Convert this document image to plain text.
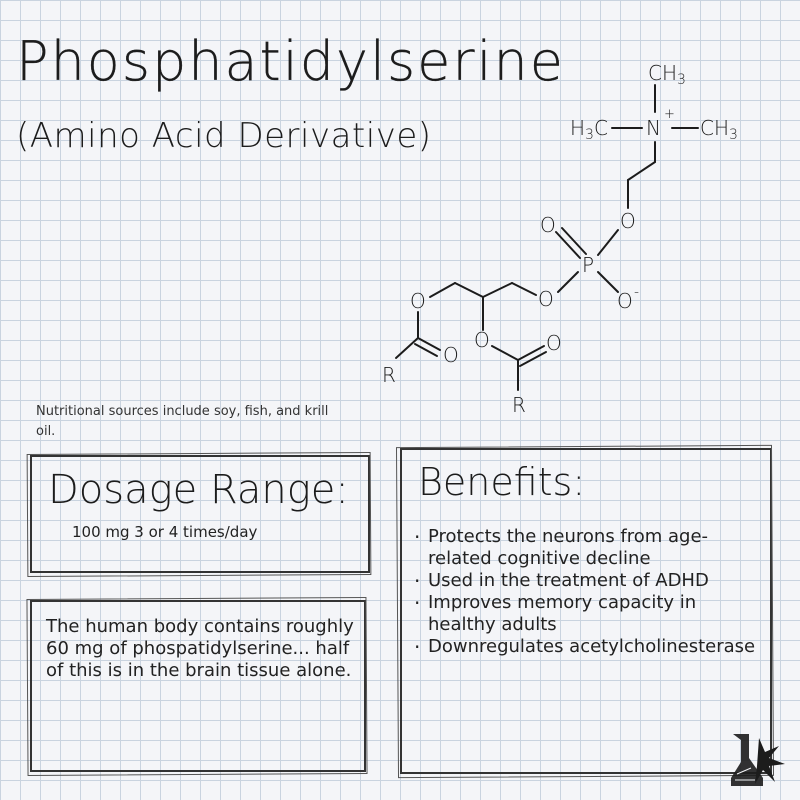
Phosphatidylserine
(Amino Acid Derivative)
$CH_3$
$H_3C$ N
+
$CH_3$
O
O
P
O -
O
O
O
O	O
R
R
Nutritional sources include soy, fish, and krill oil.
Dosage Range:
100 mg 3 or 4 times/day
The human body contains roughly 60 mg of phospatidylserine... half of this is in the brain tissue alone.
Benefits:
· Protects the neurons from age-related cognitive decline
· Used in the treatment of ADHD
· Improves memory capacity in healthy adults
· Downregulates acetylcholinesterase
